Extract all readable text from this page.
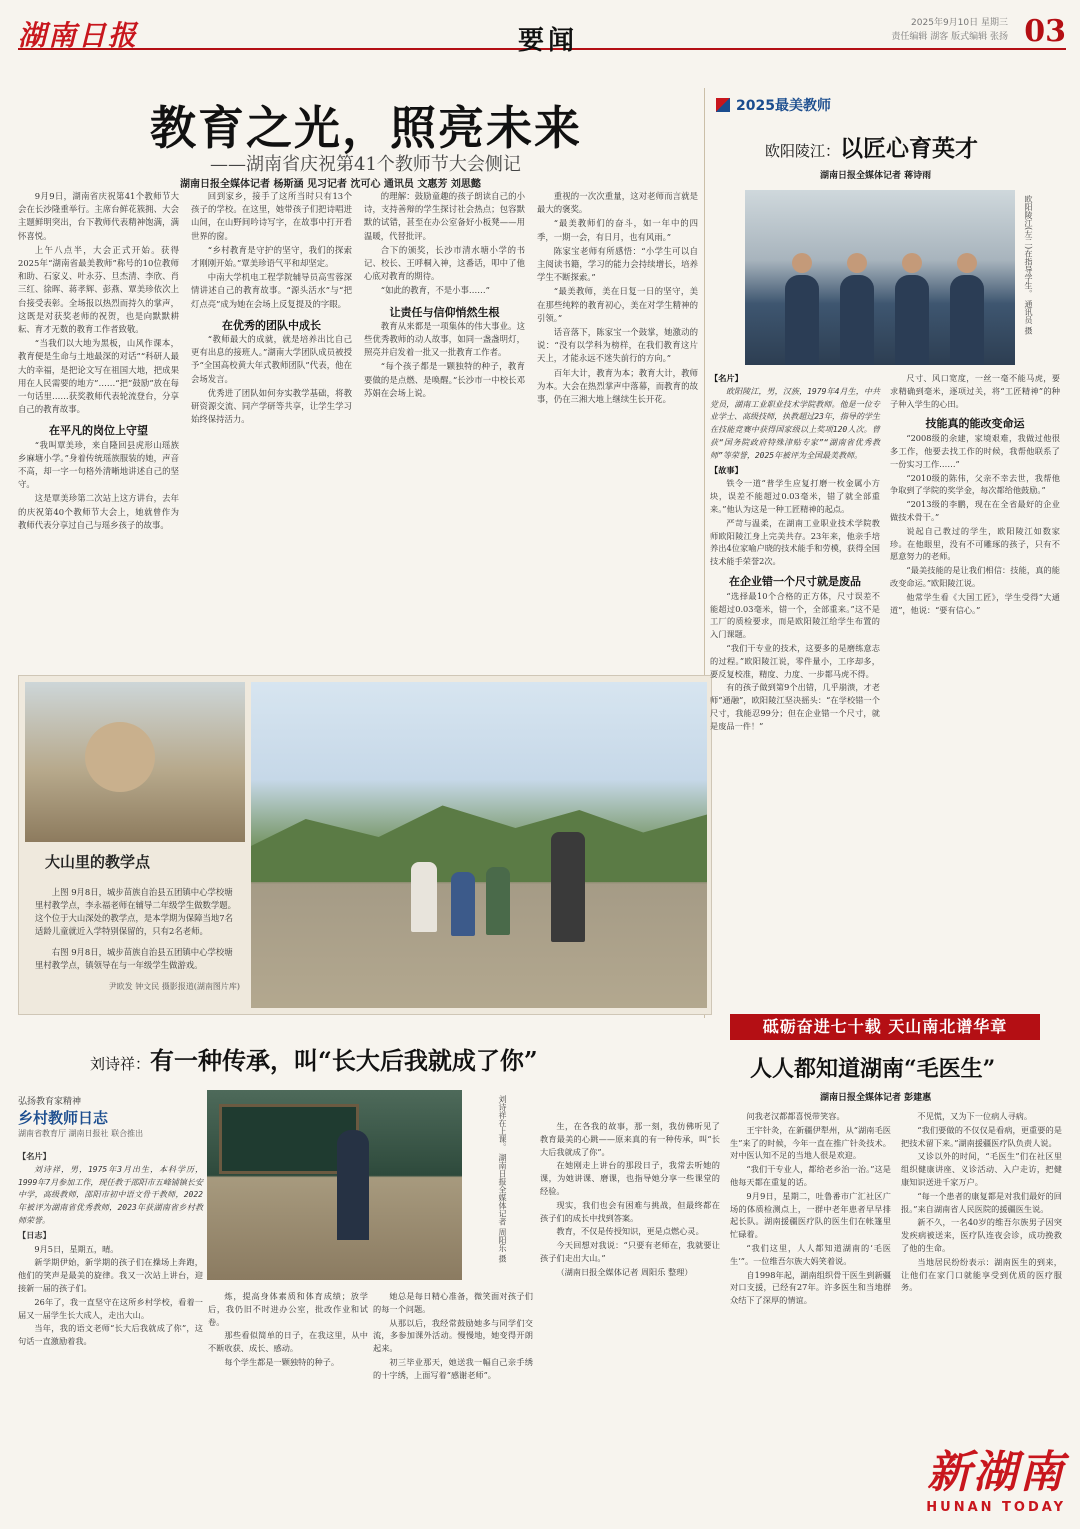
湖南日报	要闻
2025年9月10日 星期三
责任编辑 湖客 版式编辑 张扬 03
教育之光，照亮未来
——湖南省庆祝第41个教师节大会侧记
湖南日报全媒体记者 杨斯涵 见习记者 沈可心 通讯员 文惠芳 刘思懿

9月9日，湖南省庆祝第41个教师节大会在长沙隆重举行。主席台鲜花簇拥、大会主题鲜明突出，台下教师代表精神饱满，满怀喜悦。

上午八点半，大会正式开始。获得2025年“湖南省最美教师”称号的10位教师和助、石家义、叶永芬、旦杰清、李欣、肖三红、徐晖、蒋孝辉、彭燕、覃美珍依次上台接受表彰。全场报以热烈而持久的掌声，这既是对获奖老师的祝贺，也是向默默耕耘、育才无数的教育工作者致敬。

“当我们以大地为黑板，山风作课本，教育便是生命与土地最深的对话”“科研人最大的幸福，是把论文写在祖国大地，把成果用在人民需要的地方”……“把”鼓励”放在每一句话里……获奖教师代表轮流登台，分享自己的教育故事。

在平凡的岗位上守望

“我叫覃美珍，来自隆回县虎形山瑶族乡麻塘小学。”身着传统瑶族服装的她，声音不高，却一字一句格外清晰地讲述自己的坚守。

这是覃美珍第二次站上这方讲台，去年的庆祝第40个教师节大会上，她就曾作为教师代表分享过自己与瑶乡孩子的故事。

回到家乡，接手了这所当时只有13个孩子的学校。在这里，她带孩子们把诗唱进山间，在山野间吟诗写字，在故事中打开看世界的窗。

“乡村教育是守护的坚守，我们的探索才刚刚开始。”覃美珍语气平和却坚定。

中南大学机电工程学院辅导员高雪蓉深情讲述自己的教育故事。“源头活水”与“把灯点亮”成为她在会场上反复提及的字眼。

在优秀的团队中成长

“教师最大的成就，就是培养出比自己更有出息的接班人。”湖南大学团队成员被授予“全国高校黄大年式教师团队”代表，他在会场发言。

优秀进了团队如何夯实教学基础，将教研资源交流、同产学研等共享，让学生学习始终保持活力。

的理解：鼓励童趣的孩子朗读自己的小诗，支持善辩的学生探讨社会热点；包容默默的试错，甚至在办公室备好小板凳——用温暖，代替批评。

合下的颁奖，长沙市清水塘小学的书记、校长、王呼桐入神，这番话，叩中了他心底对教育的期待。

“如此的教育，不是小事……”

让责任与信仰悄然生根

教育从来都是一项集体的伟大事业。这些优秀教师的动人故事，如同一盏盏明灯，照亮并启发着一批又一批教育工作者。

“每个孩子都是一颗独特的种子，教育要做的是点燃、是唤醒。”长沙市一中校长邓苏娟在会场上说。

重视的一次次重量，这对老师而言就是最大的褒奖。

“最美教师们的奋斗，如一年中的四季，一期一会，有日月，也有风雨。”

陈家宝老师有所感悟：“小学生可以自主阅读书籍，学习的能力会持续增长，培养学生不断探索。”

“最美教师，美在日复一日的坚守，美在那些纯粹的教育初心，美在对学生精神的引领。”

话音落下，陈家宝一个鼓掌，她激动的说：“没有以学科为榜样，在我们教育这片天上，才能永远不迷失前行的方向。”

百年大计，教育为本；教育大计，教师为本。大会在热烈掌声中落幕，而教育的故事，仍在三湘大地上继续生长开花。

大山里的教学点

上图 9月8日，城步苗族自治县五团镇中心学校塘里村教学点，李永福老师在辅导二年级学生做数学题。这个位于大山深处的教学点，是本学期为保障当地7名适龄儿童就近入学特别保留的，只有2名老师。

右图 9月8日，城步苗族自治县五团镇中心学校塘里村教学点，镇领导在与一年级学生做游戏。

尹欧发 钟文民 摄影报道(湖南图片库)
2025最美教师
欧阳陵江：以匠心育英才
湖南日报全媒体记者 蒋诗雨
欧阳陵江(左二)在指导学生。 通讯员 摄

【名片】

欧阳陵江，男，汉族，1979年4月生，中共党员，湖南工业职业技术学院教师。他是一位专业学士、高级技师，执教超过23年，指导的学生在技能竞赛中获得国家级以上奖项120人次。曾获“国务院政府特殊津贴专家”“湖南省优秀教师”等荣誉，2025年被评为全国最美教师。

【故事】

铁令一道“普学生应复打磨一枚金属小方块，误差不能超过0.03毫米，错了就全部重来。”他认为这是一种工匠精神的起点。

严苛与温柔，在湖南工业职业技术学院教师欧阳陵江身上完美共存。23年来，他亲手培养出4位家喻户晓的技术能手和劳模，获得全国技术能手荣誉2次。

在企业错一个尺寸就是废品

“选择最10个合格的正方体，尺寸误差不能超过0.03毫米，错一个，全部重来。”这不是工厂的质检要求，而是欧阳陵江给学生布置的入门课题。

“我们干专业的技术，这要多的是磨练意志的过程。”欧阳陵江说，零件量小，工序却多，要反复校准，精度、力度、一步都马虎不得。

有的孩子做到第9个出错，几乎崩溃，才老师“通融”，欧阳陵江坚决摇头：“在学校错一个尺寸，我能忍99分；但在企业错一个尺寸，就是废品一件！”

尺寸、风口宽度，一丝一毫不能马虎，要求精确到毫米，逐项过关，将“工匠精神”的种子种入学生的心田。

技能真的能改变命运

“2008级的余建，家境艰难，我做过他很多工作，他要去找工作的时候，我帮他联系了一份实习工作……”

“2010级的陈伟，父亲不幸去世，我帮他争取到了学院的奖学金，每次都给他鼓励。”

“2013级的李鹏，现在在全省最好的企业做技术骨干。”

说起自己教过的学生，欧阳陵江如数家珍。在他眼里，没有不可雕琢的孩子，只有不愿意努力的老师。

“最美技能的是让我们相信：技能，真的能改变命运。”欧阳陵江说。

他常学生看《大国工匠》，学生受得“大通道”，他说：“要有信心。”

砥砺奋进七十载 天山南北谱华章
人人都知道湖南“毛医生”
湖南日报全媒体记者 彭建惠

问我老汉都都喜悦带笑容。

王宇针灸，在新疆伊犁州，从“湖南毛医生”来了的时候，今年一直在推广针灸技术。对中医认知不足的当地人很是欢迎。

“我们干专业人，都给老乡治一治。”这是他每天都在重复的话。

9月9日，星期二，吐鲁番市广汇社区广场的体质检测点上，一群中老年患者早早排起长队。湖南援疆医疗队的医生们在帐篷里忙碌着。

“我们这里，人人都知道湖南的‘毛医生’”。一位维吾尔族大妈笑着说。

自1998年起，湖南组织骨干医生到新疆对口支援，已经有27年。许多医生和当地群众结下了深厚的情谊。

不见慌，又为下一位病人寻病。

“我们要做的不仅仅是看病，更重要的是把技术留下来。”湖南援疆医疗队负责人说。

又诊以外的时间，“毛医生”们在社区里组织健康讲座、义诊活动、入户走访，把健康知识送进千家万户。

“每一个患者的康复都是对我们最好的回报。”来自湖南省人民医院的援疆医生说。

新不久，一名40岁的维吾尔族男子因突发疾病被送来，医疗队连夜会诊，成功挽救了他的生命。

当地居民纷纷表示：湖南医生的到来，让他们在家门口就能享受到优质的医疗服务。

刘诗祥：有一种传承，叫“长大后我就成了你”
弘扬教育家精神
乡村教师日志
湖南省教育厅 湖南日报社 联合推出	刘诗祥在上课。 湖南日报全媒体记者 周阳乐 摄

【名片】

刘诗祥，男，1975年3月出生，本科学历，1999年7月参加工作，现任教于邵阳市五峰铺镇长安中学，高级教师，邵阳市初中语文骨干教师，2022年被评为湖南省优秀教师，2023年获湖南省乡村教师荣誉。

【日志】

9月5日，星期五，晴。

新学期伊始，新学期的孩子们在操场上奔跑，他们的笑声是最美的旋律。我又一次站上讲台，迎接新一届的孩子们。

26年了，我一直坚守在这所乡村学校，看着一届又一届学生长大成人，走出大山。

当年，我的语文老师“长大后我就成了你”，这句话一直激励着我。

炼，提高身体素质和体育成绩；放学后，我仍旧不时进办公室，批改作业和试卷。

那些看似简单的日子，在我这里，从中不断收获、成长、感动。

每个学生都是一颗独特的种子。

她总是每日精心准备，微笑面对孩子们的每一个问题。

从那以后，我经常鼓励她多与同学们交流，多参加课外活动。慢慢地，她变得开朗起来。

初三毕业那天，她送我一幅自己亲手绣的十字绣，上面写着“感谢老师”。

生，在各我的故事，那一刻，我仿佛听见了教育最美的心跳——原来真的有一种传承，叫“长大后我就成了你”。

在她刚走上讲台的那段日子，我常去听她的课，为她讲课、磨课，也指导她分享一些课堂的经验。

现实，我们也会有困难与挑战，但最终都在孩子们的成长中找到答案。

教育，不仅是传授知识，更是点燃心灵。

今天回想对我说：“只要有老师在，我就要让孩子们走出大山。”

（湖南日报全媒体记者 周阳乐 整理）

新湖南
HUNAN TODAY
